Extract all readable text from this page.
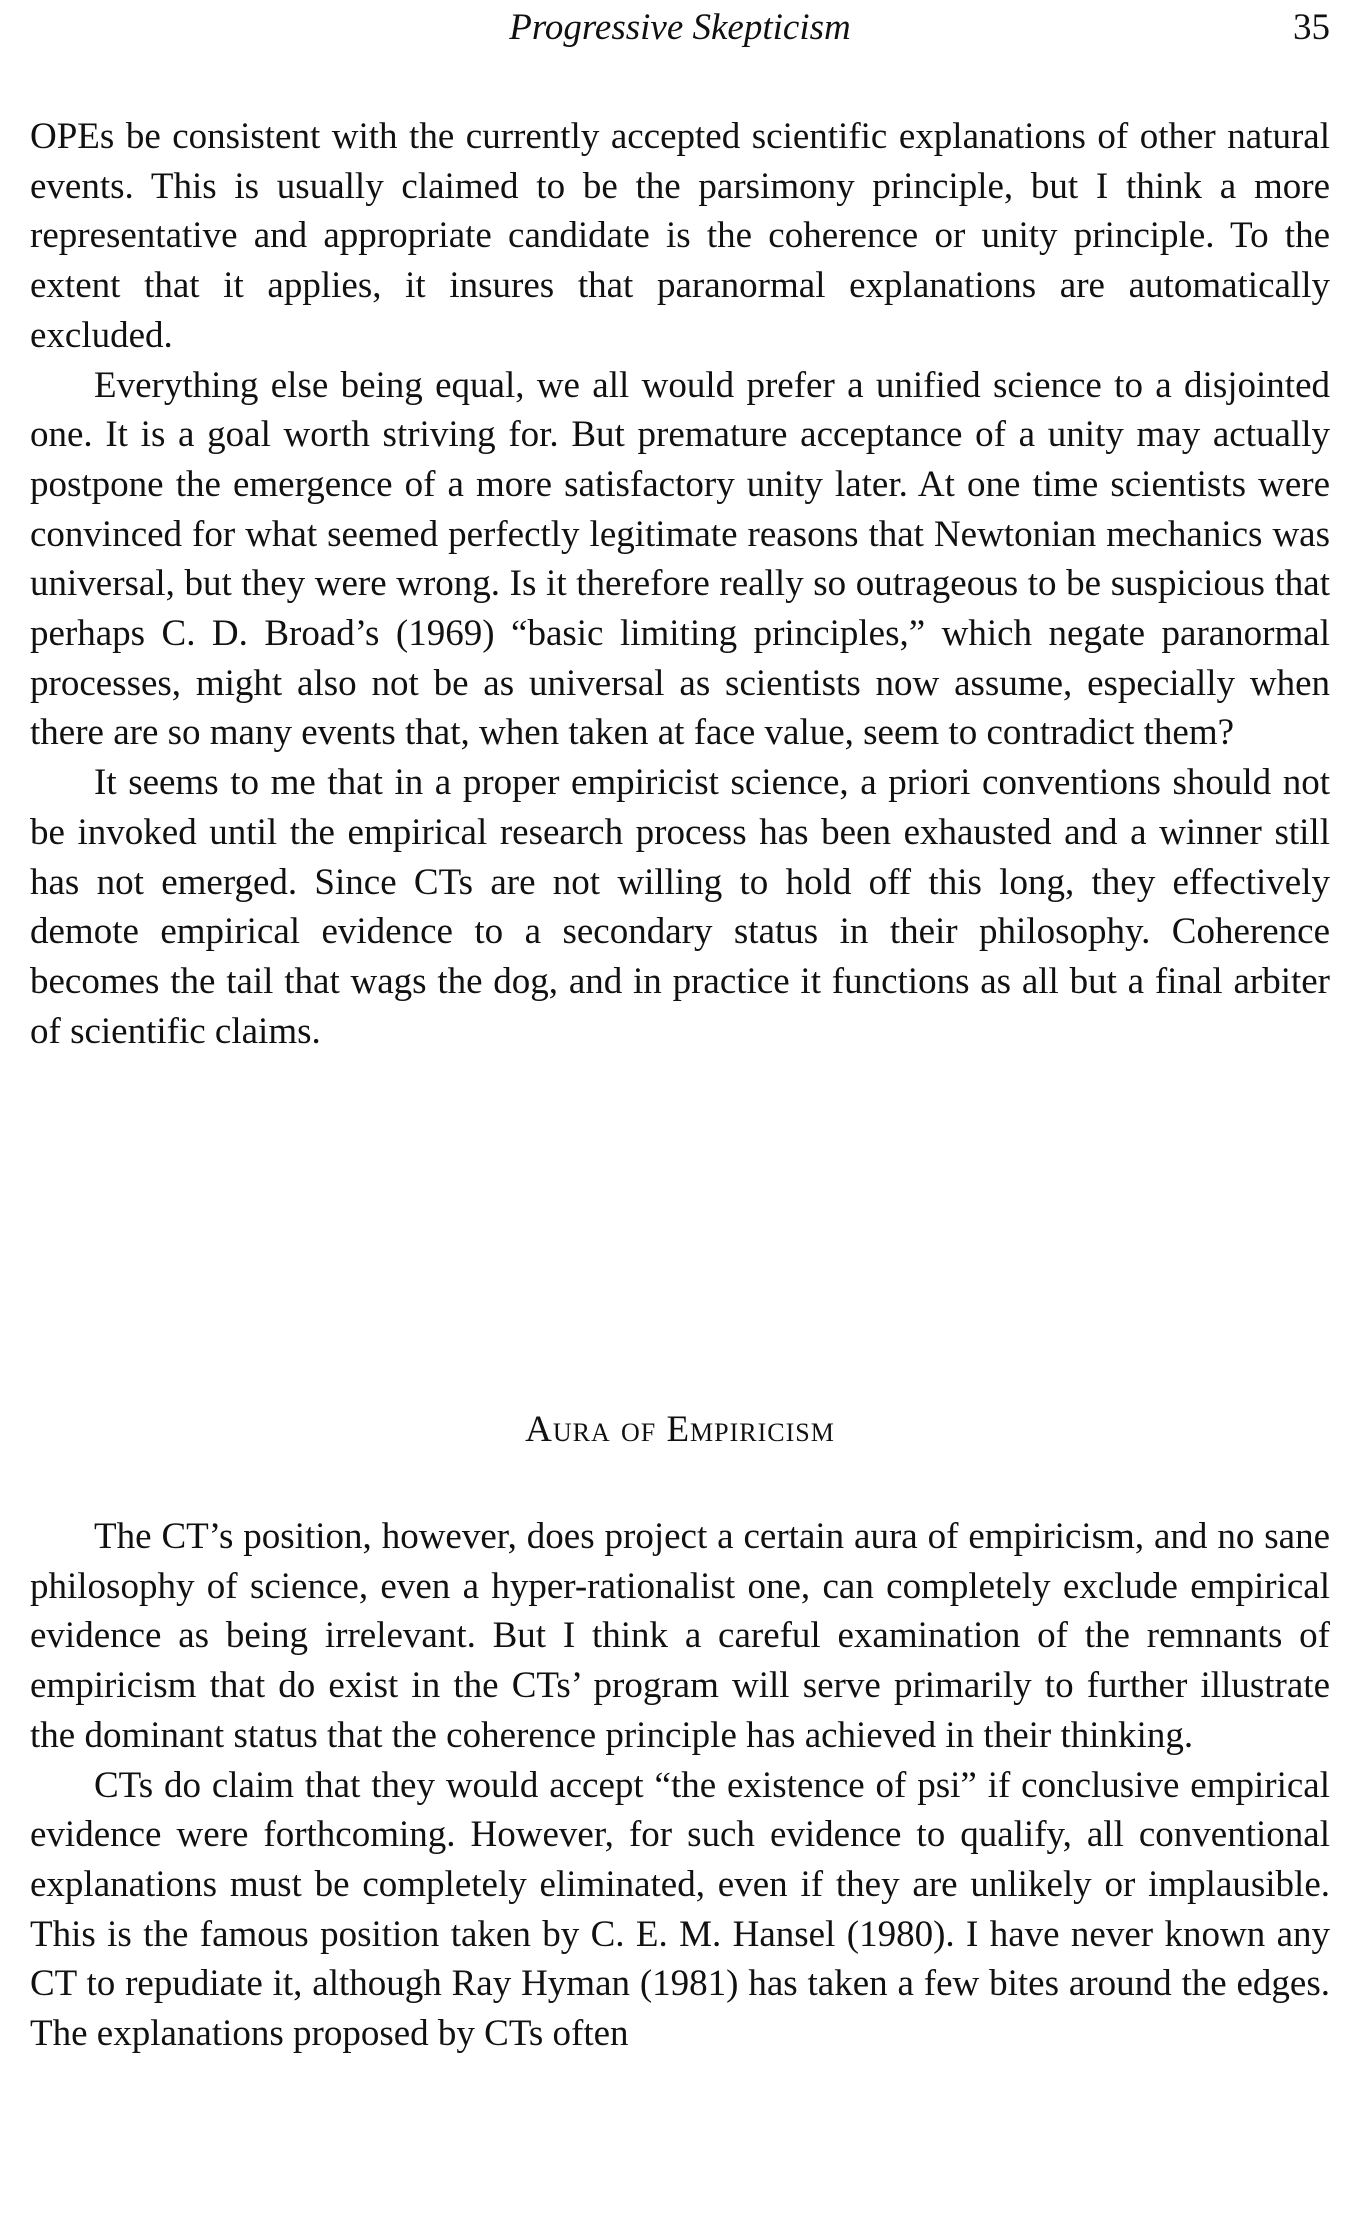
Progressive Skepticism	35

OPEs be consistent with the currently accepted scientific explanations of other natural events. This is usually claimed to be the parsimony principle, but I think a more representative and appropriate candidate is the coherence or unity principle. To the extent that it applies, it insures that paranormal explanations are automatically excluded.

Everything else being equal, we all would prefer a unified science to a disjointed one. It is a goal worth striving for. But premature acceptance of a unity may actually postpone the emergence of a more satisfactory unity later. At one time scientists were convinced for what seemed perfectly legitimate reasons that Newtonian mechanics was universal, but they were wrong. Is it therefore really so outrageous to be suspicious that perhaps C. D. Broad’s (1969) “basic limiting principles,” which negate paranormal processes, might also not be as universal as scientists now assume, especially when there are so many events that, when taken at face value, seem to contradict them?

It seems to me that in a proper empiricist science, a priori conventions should not be invoked until the empirical research process has been exhausted and a winner still has not emerged. Since CTs are not willing to hold off this long, they effectively demote empirical evidence to a secondary status in their philosophy. Coherence becomes the tail that wags the dog, and in practice it functions as all but a final arbiter of scientific claims.

Aura of Empiricism

The CT’s position, however, does project a certain aura of empiricism, and no sane philosophy of science, even a hyper-rationalist one, can completely exclude empirical evidence as being irrelevant. But I think a careful examination of the remnants of empiricism that do exist in the CTs’ program will serve primarily to further illustrate the dominant status that the coherence principle has achieved in their thinking.

CTs do claim that they would accept “the existence of psi” if conclusive empirical evidence were forthcoming. However, for such evidence to qualify, all conventional explanations must be completely eliminated, even if they are unlikely or implausible. This is the famous position taken by C. E. M. Hansel (1980). I have never known any CT to repudiate it, although Ray Hyman (1981) has taken a few bites around the edges. The explanations proposed by CTs often
